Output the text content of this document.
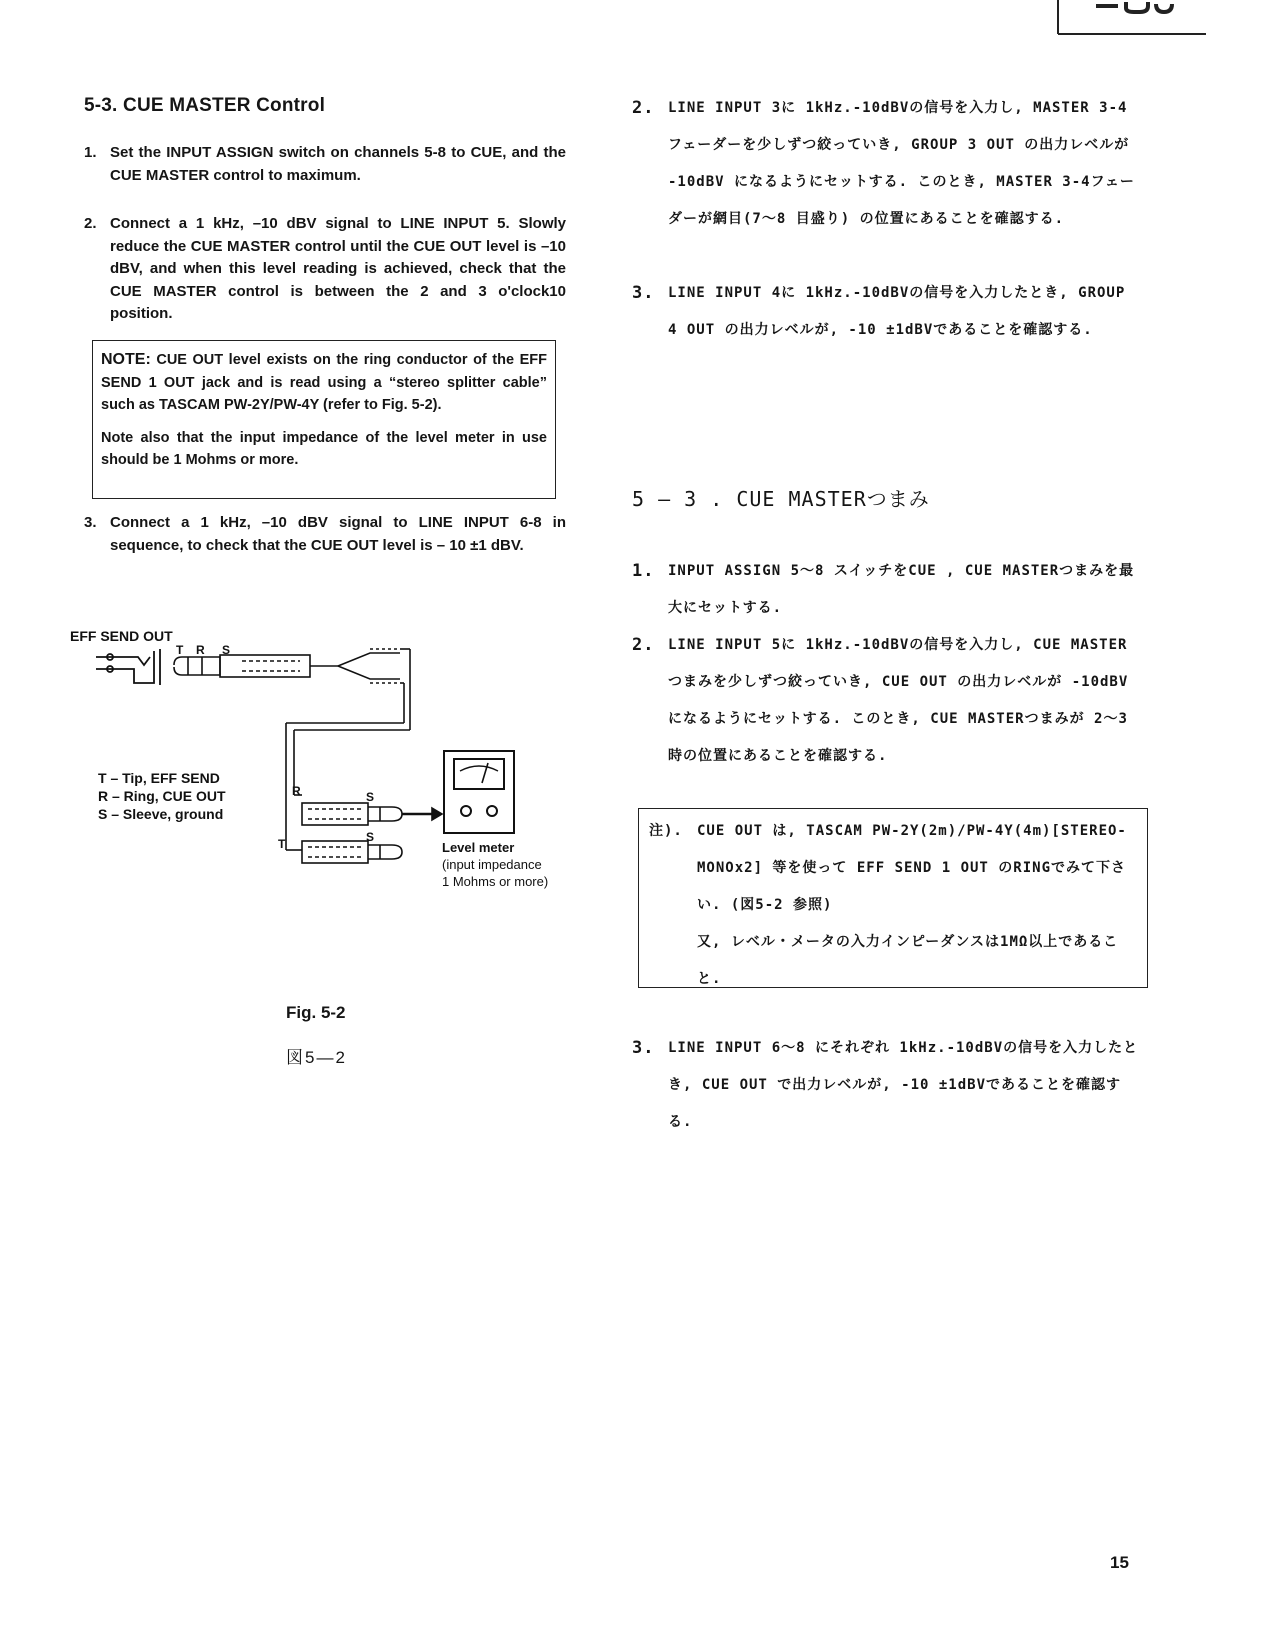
5-3. CUE MASTER Control
1. Set the INPUT ASSIGN switch on channels 5-8 to CUE, and the CUE MASTER control to maximum.
2. Connect a 1 kHz, –10 dBV signal to LINE INPUT 5. Slowly reduce the CUE MASTER control until the CUE OUT level is –10 dBV, and when this level reading is achieved, check that the CUE MASTER control is between the 2 and 3 o'clock10 position.

NOTE: CUE OUT level exists on the ring conductor of the EFF SEND 1 OUT jack and is read using a “stereo splitter cable” such as TASCAM PW-2Y/PW-4Y (refer to Fig. 5-2).

Note also that the input impedance of the level meter in use should be 1 Mohms or more.

3. Connect a 1 kHz, –10 dBV signal to LINE INPUT 6-8 in sequence, to check that the CUE OUT level is – 10 ±1 dBV.
EFF SEND OUT
T R S
T – Tip, EFF SEND
R – Ring, CUE OUT
S – Sleeve, ground
R	S
T	S
Level meter
(input impedance
1 Mohms or more)
Fig. 5-2
図5—2
2. LINE INPUT 3に 1kHz.-10dBVの信号を入力し, MASTER 3-4 フェーダーを少しずつ絞っていき, GROUP 3 OUT の出力レベルが -10dBV になるようにセットする. このとき, MASTER 3-4フェーダーが網目(7〜8 目盛り) の位置にあることを確認する.
3. LINE INPUT 4に 1kHz.-10dBVの信号を入力したとき, GROUP 4 OUT の出力レベルが, -10 ±1dBVであることを確認する.
5 — 3 . CUE MASTERつまみ
1. INPUT ASSIGN 5〜8 スイッチをCUE , CUE MASTERつまみを最大にセットする.
2. LINE INPUT 5に 1kHz.-10dBVの信号を入力し, CUE MASTER つまみを少しずつ絞っていき, CUE OUT の出力レベルが -10dBV になるようにセットする. このとき, CUE MASTERつまみが 2〜3 時の位置にあることを確認する.
注). CUE OUT は, TASCAM PW-2Y(2m)/PW-4Y(4m)[STEREO-MONOx2] 等を使って EFF SEND 1 OUT のRINGでみて下さい. (図5-2 参照)
又, レベル・メータの入力インピーダンスは1MΩ以上であること.
3. LINE INPUT 6〜8 にそれぞれ 1kHz.-10dBVの信号を入力したとき, CUE OUT で出力レベルが, -10 ±1dBVであることを確認する.
15
